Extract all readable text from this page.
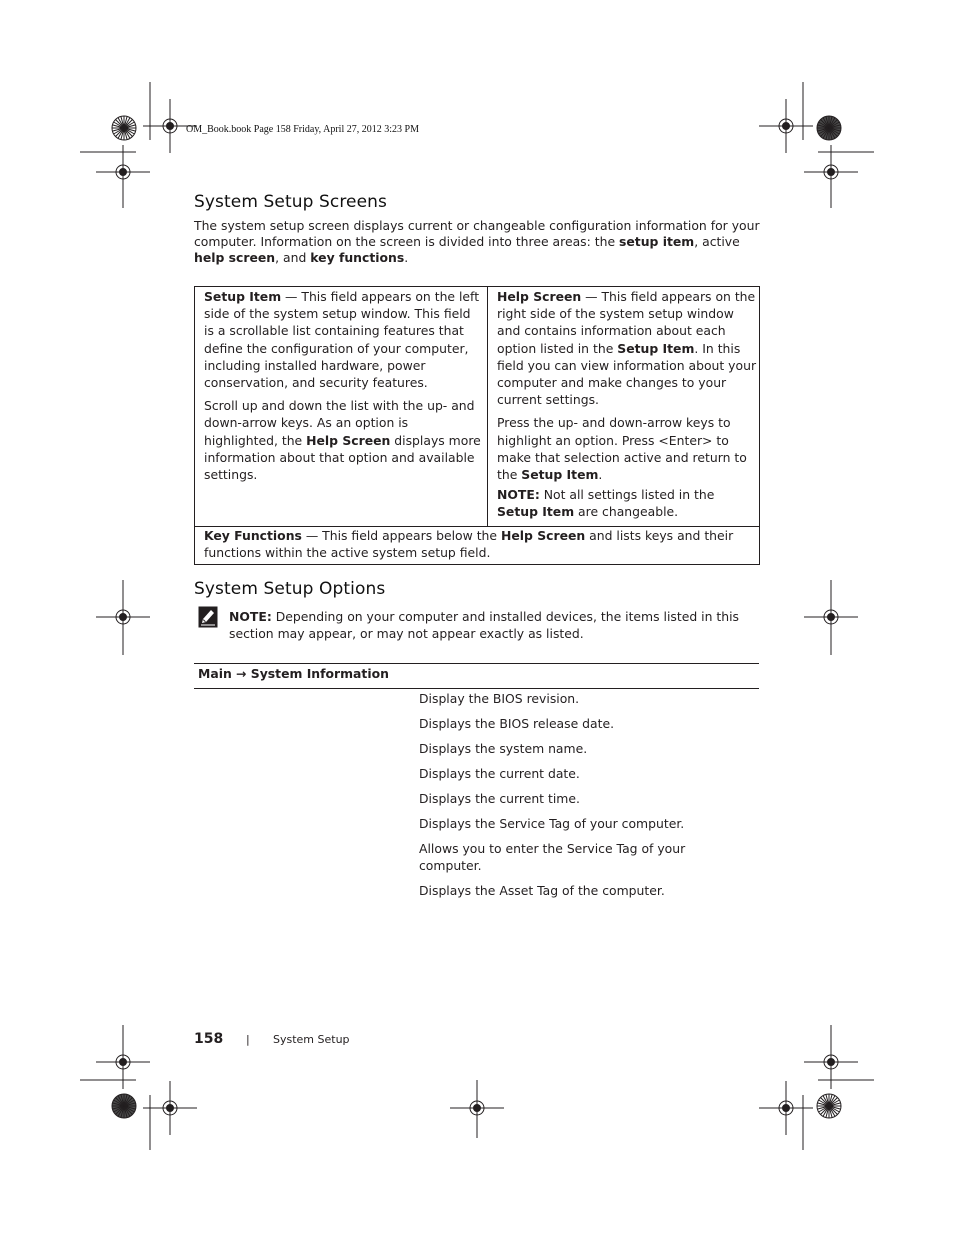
OM_Book.book Page 158 Friday, April 27, 2012 3:23 PM
System Setup Screens
The system setup screen displays current or changeable configuration information for your computer. Information on the screen is divided into three areas: the setup item, active help screen, and key functions.

Setup Item — This field appears on the left side of the system setup window. This field is a scrollable list containing features that define the configuration of your computer, including installed hardware, power conservation, and security features.

Scroll up and down the list with the up- and down-arrow keys. As an option is highlighted, the Help Screen displays more information about that option and available settings.

Help Screen — This field appears on the right side of the system setup window and contains information about each option listed in the Setup Item. In this field you can view information about your computer and make changes to your current settings.

Press the up- and down-arrow keys to highlight an option. Press <Enter> to make that selection active and return to the Setup Item.

NOTE: Not all settings listed in the Setup Item are changeable.

Key Functions — This field appears below the Help Screen and lists keys and their functions within the active system setup field.
System Setup Options
NOTE: Depending on your computer and installed devices, the items listed in this section may appear, or may not appear exactly as listed.
Main → System Information
Display the BIOS revision.
Displays the BIOS release date.
Displays the system name.
Displays the current date.
Displays the current time.
Displays the Service Tag of your computer.
Allows you to enter the Service Tag of your computer.
Displays the Asset Tag of the computer.
158 | System Setup
